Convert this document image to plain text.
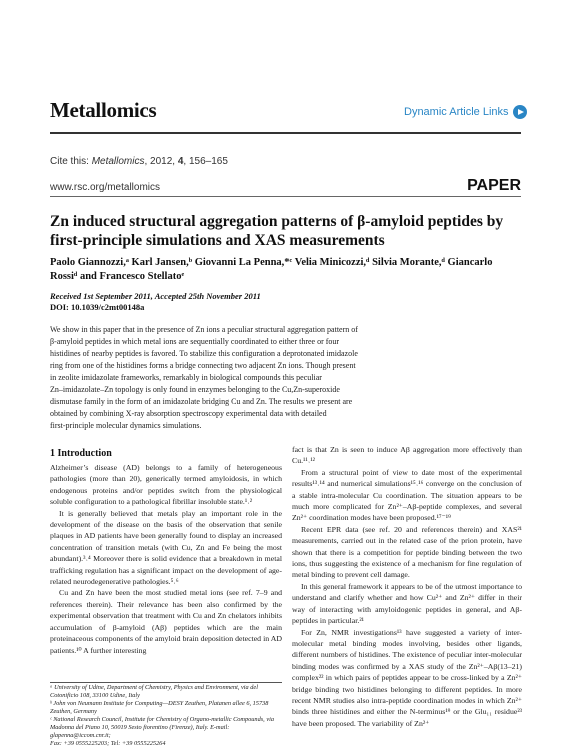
Metallomics	Dynamic Article Links
Cite this: Metallomics, 2012, 4, 156–165
www.rsc.org/metallomics	PAPER
Zn induced structural aggregation patterns of β-amyloid peptides by first-principle simulations and XAS measurements
Paolo Giannozzi,ᵃ Karl Jansen,ᵇ Giovanni La Penna,*ᶜ Velia Minicozzi,ᵈ Silvia Morante,ᵈ Giancarlo Rossiᵈ and Francesco Stellatoᵉ
Received 1st September 2011, Accepted 25th November 2011
DOI: 10.1039/c2mt00148a
We show in this paper that in the presence of Zn ions a peculiar structural aggregation pattern of
β-amyloid peptides in which metal ions are sequentially coordinated to either three or four
histidines of nearby peptides is favored. To stabilize this configuration a deprotonated imidazole
ring from one of the histidines forms a bridge connecting two adjacent Zn ions. Though present
in zeolite imidazolate frameworks, remarkably in biological compounds this peculiar
Zn–imidazolate–Zn topology is only found in enzymes belonging to the Cu,Zn-superoxide
dismutase family in the form of an imidazolate bridging Cu and Zn. The results we present are
obtained by combining X-ray absorption spectroscopy experimental data with detailed
first-principle molecular dynamics simulations.
1 Introduction

Alzheimer’s disease (AD) belongs to a family of heterogeneous pathologies (more than 20), generically termed amyloidosis, in which endogenous proteins and/or peptides switch from the physiological soluble configuration to a pathological fibrillar insoluble state.¹˒²

It is generally believed that metals play an important role in the development of the disease on the basis of the observation that senile plaques in AD patients have been generally found to display an increased concentration of transition metals (with Cu, Zn and Fe being the most abundant).³˒⁴ Moreover there is solid evidence that a breakdown in metal trafficking regulation has a significant impact on the development of age-related neurodegenerative pathologies.⁵˒⁶

Cu and Zn have been the most studied metal ions (see ref. 7–9 and references therein). Their relevance has been also confirmed by the experimental observation that treatment with Cu and Zn chelators inhibits accumulation of β-amyloid (Aβ) peptides which are the main proteinaceous components of the amyloid brain deposition detected in AD patients.¹⁰ A further interesting

fact is that Zn is seen to induce Aβ aggregation more effectively than Cu.¹¹˒¹²

From a structural point of view to date most of the experimental results¹³˒¹⁴ and numerical simulations¹⁵˒¹⁶ converge on the conclusion of a stable intra-molecular Cu coordination. The situation appears to be much more complicated for Zn²⁺–Aβ-peptide complexes, and several Zn²⁺ coordination modes have been proposed.¹⁷⁻¹⁹

Recent EPR data (see ref. 20 and references therein) and XAS²¹ measurements, carried out in the related case of the prion protein, have shown that there is a competition for peptide binding between the two ions, thus suggesting the existence of a mechanism for fine regulation of metal binding to prevent cell damage.

In this general framework it appears to be of the utmost importance to understand and clarify whether and how Cu²⁺ and Zn²⁺ differ in their way of interacting with amyloidogenic peptides in general, and Aβ-peptides in particular.²¹

For Zn, NMR investigations¹³ have suggested a variety of inter-molecular metal binding modes involving, besides other ligands, different numbers of histidines. The existence of peculiar inter-molecular binding modes was confirmed by a XAS study of the Zn²⁺–Aβ(13–21) complex²² in which pairs of peptides appear to be cross-linked by a Zn²⁺ bridge binding two histidines belonging to different peptides. In more recent NMR studies also intra-peptide coordination modes in which Zn²⁺ binds three histidines and either the N-terminus¹⁹ or the Glu₁₁ residue²³ have been proposed. The variability of Zn²⁺

ᵃ University of Udine, Department of Chemistry, Physics and Environment, via del Cotonificio 108, 33100 Udine, Italy

ᵇ John von Neumann Institute for Computing—DESY Zeuthen, Platanen allee 6, 15738 Zeuthen, Germany

ᶜ National Research Council, Institute for Chemistry of Organo-metallic Compounds, via Madonna del Piano 10, 50019 Sesto fiorentino (Firenze), Italy. E-mail: glapenna@iccom.cnr.it;

Fax: +39 0555225203; Tel: +39 0555225264
